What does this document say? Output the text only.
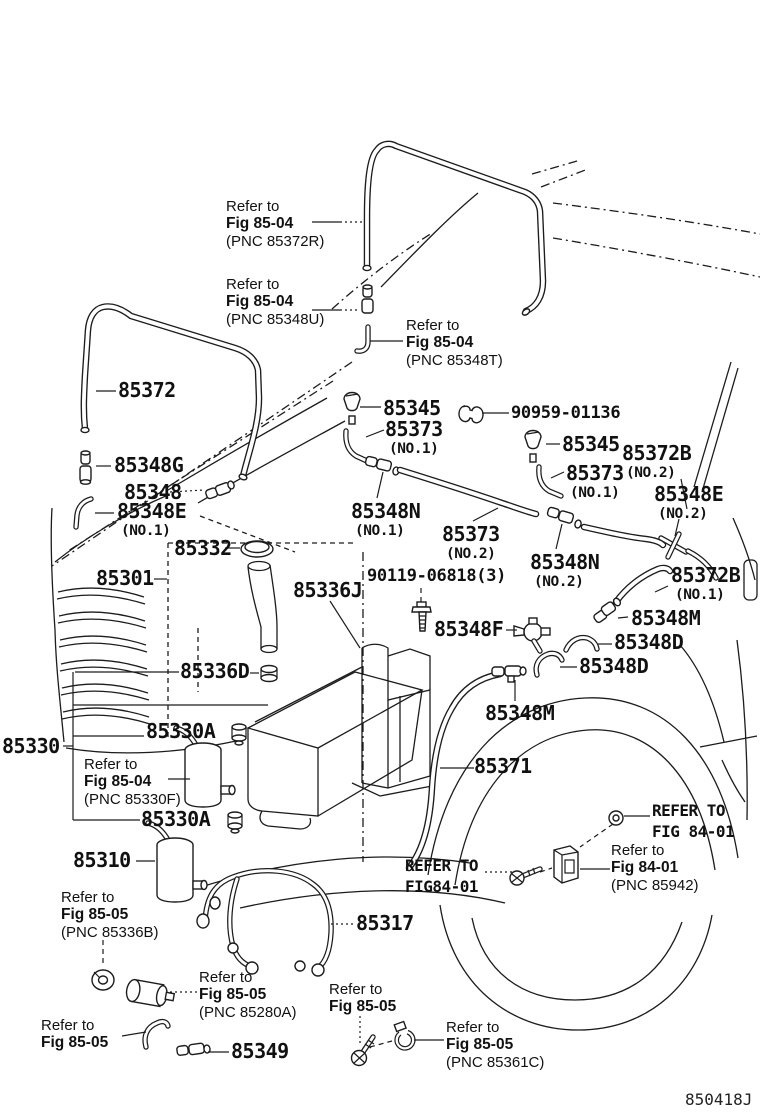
85372
85345	90959-01136
85373
(NO.1)	85345 85372B
(NO.2)
85373
(NO.1) 85348E
(NO.2)
85348G
85348
85348E
(NO.1)
85348N
(NO.1)	85373
(NO.2) 85348N
(NO.2)	85372B
(NO.1)
85348M
85332
85301	85336J
90119-06818(3)
85348F
85348D
85348D
85336D
85330
85330A
85330A
85310
85317
85348M
85371
85349
Refer to
Fig 85-04
(PNC 85372R)
Refer to
Fig 85-04
(PNC 85348U)	Refer to
Fig 85-04
(PNC 85348T)
Refer to
Fig 85-04
(PNC 85330F)
Refer to
Fig 85-05
(PNC 85336B)
Refer to
Fig 84-01
(PNC 85942)
Refer to
Fig 85-05
(PNC 85280A)
Refer to
Fig 85-05
Refer to
Fig 85-05
Refer to
Fig 85-05
(PNC 85361C)
REFER TO
FIG 84-01
REFER TO
FIG84-01
850418J
